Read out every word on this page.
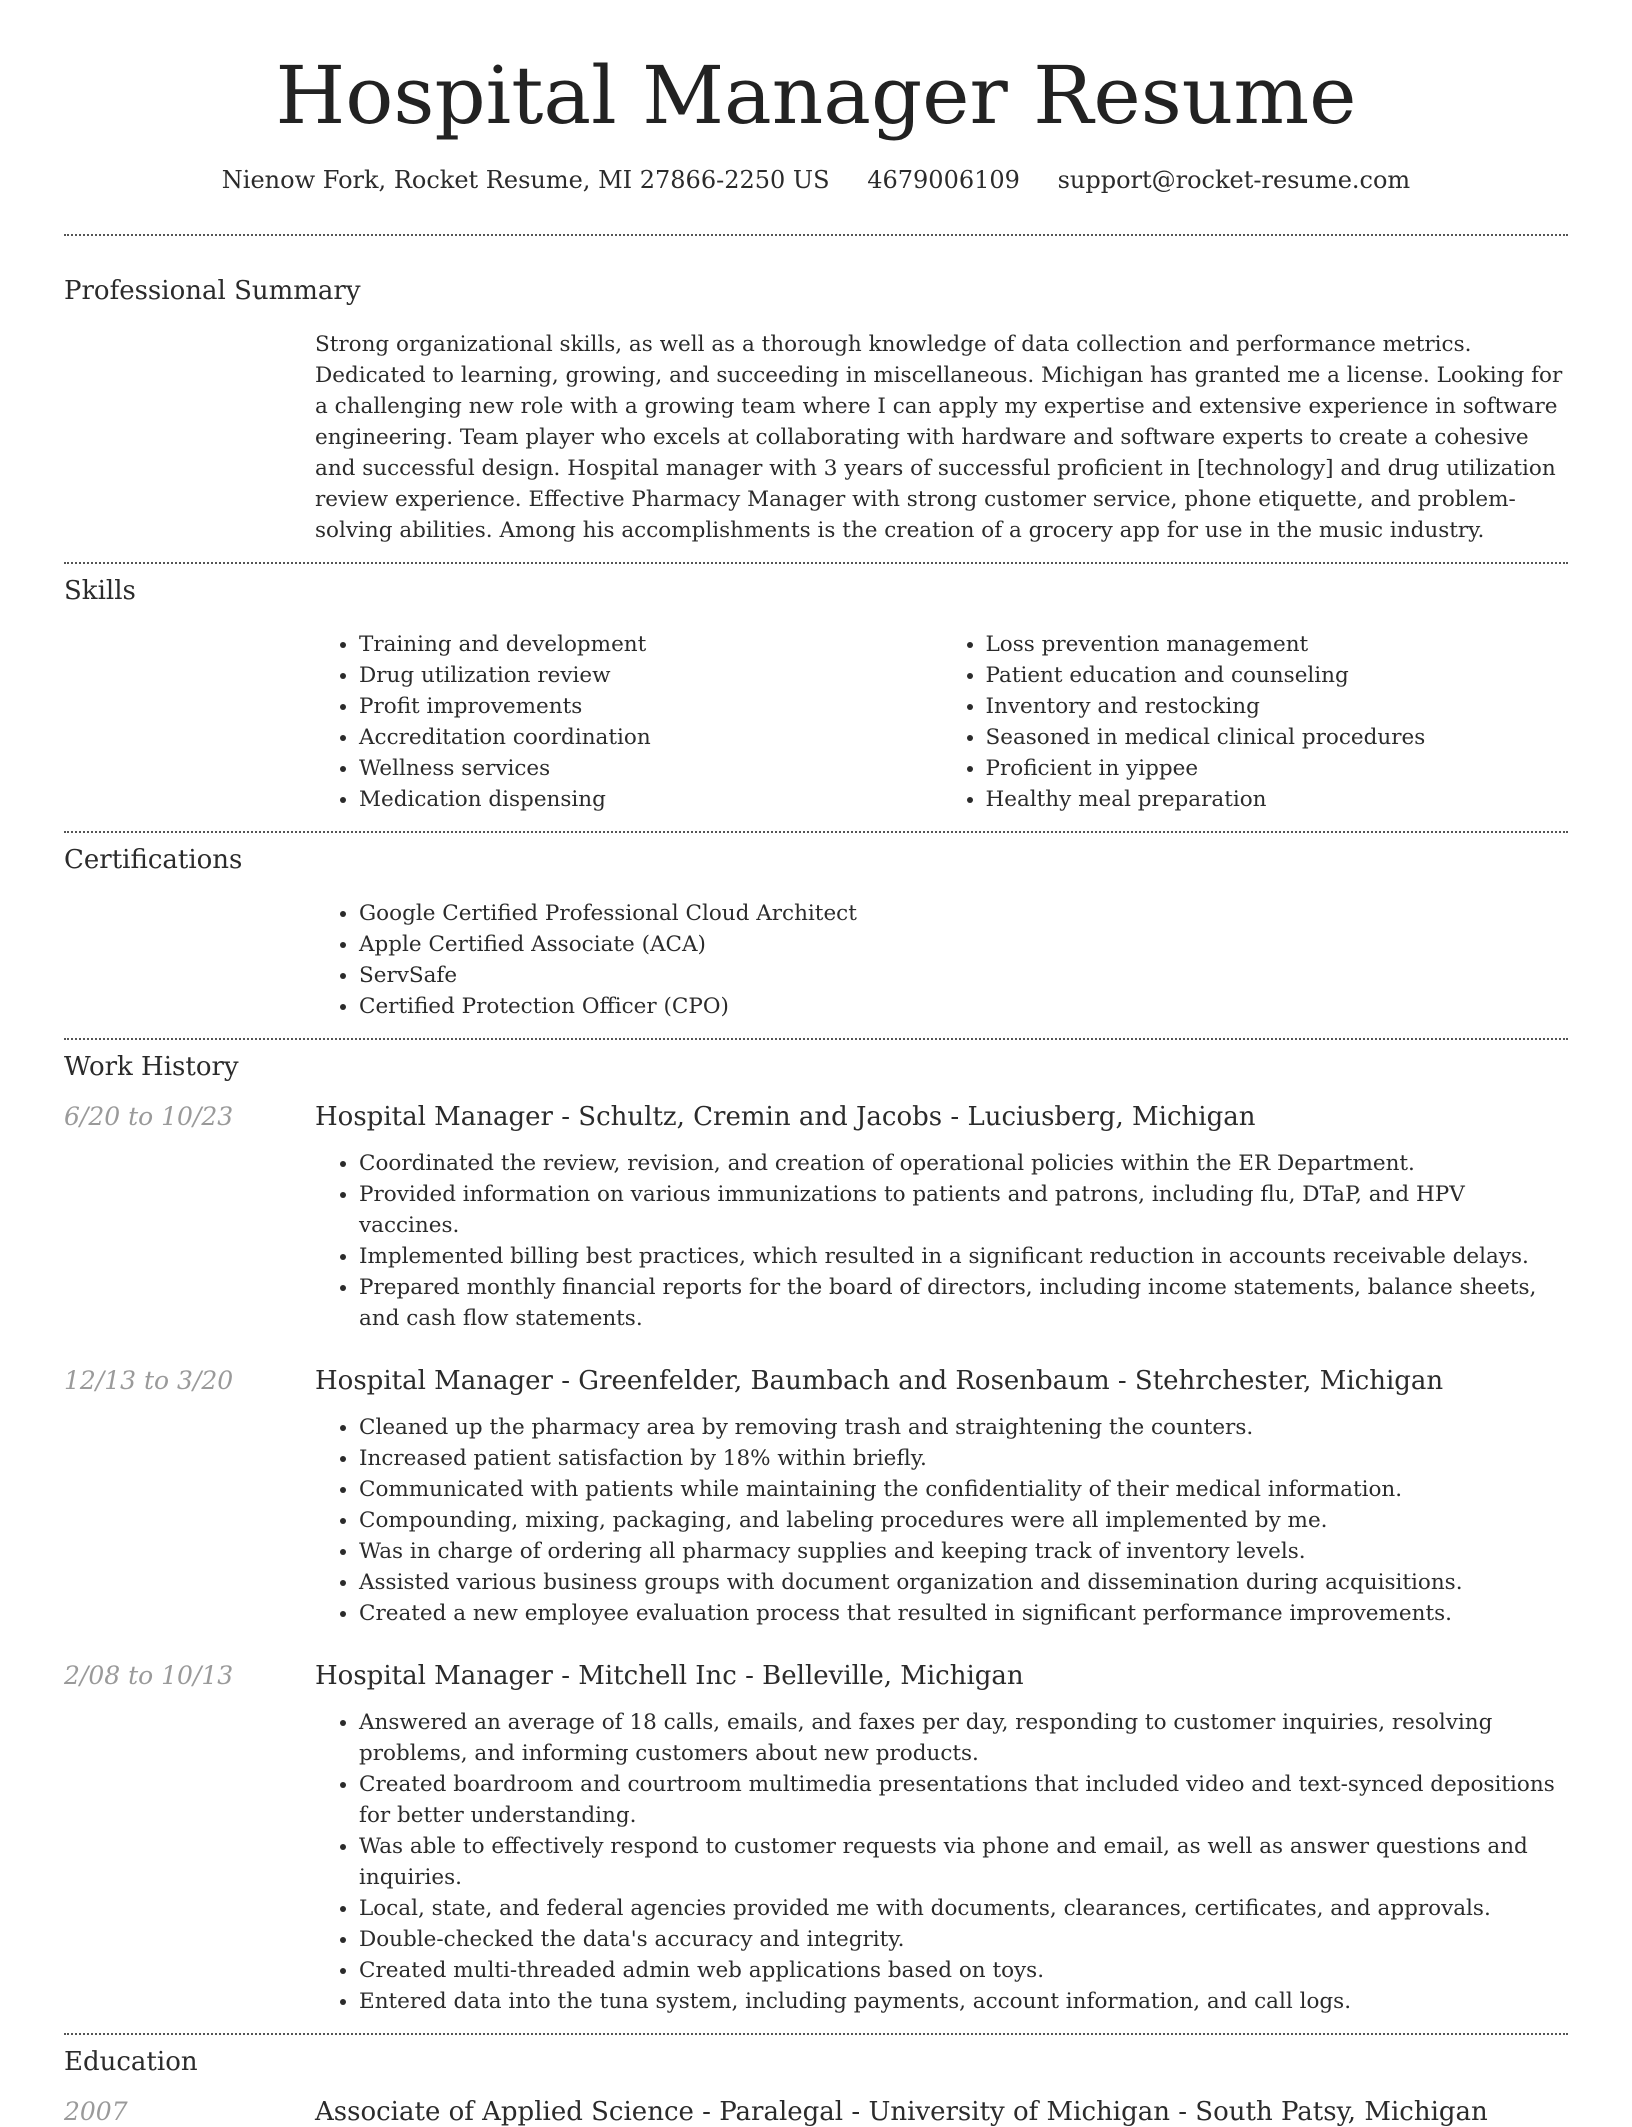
Hospital Manager Resume
Nienow Fork, Rocket Resume, MI 27866-2250 US 4679006109 support@rocket-resume.com
Professional Summary
Strong organizational skills, as well as a thorough knowledge of data collection and performance metrics. Dedicated to learning, growing, and succeeding in miscellaneous. Michigan has granted me a license. Looking for a challenging new role with a growing team where I can apply my expertise and extensive experience in software engineering. Team player who excels at collaborating with hardware and software experts to create a cohesive and successful design. Hospital manager with 3 years of successful proficient in [technology] and drug utilization review experience. Effective Pharmacy Manager with strong customer service, phone etiquette, and problem-solving abilities. Among his accomplishments is the creation of a grocery app for use in the music industry.
Skills
• Training and development
• Drug utilization review
• Profit improvements
• Accreditation coordination
• Wellness services
• Medication dispensing
• Loss prevention management
• Patient education and counseling
• Inventory and restocking
• Seasoned in medical clinical procedures
• Proficient in yippee
• Healthy meal preparation
Certifications
• Google Certified Professional Cloud Architect
• Apple Certified Associate (ACA)
• ServSafe
• Certified Protection Officer (CPO)
Work History
6/20 to 10/23	Hospital Manager - Schultz, Cremin and Jacobs - Luciusberg, Michigan
• Coordinated the review, revision, and creation of operational policies within the ER Department.
• Provided information on various immunizations to patients and patrons, including flu, DTaP, and HPV vaccines.
• Implemented billing best practices, which resulted in a significant reduction in accounts receivable delays.
• Prepared monthly financial reports for the board of directors, including income statements, balance sheets, and cash flow statements.
12/13 to 3/20	Hospital Manager - Greenfelder, Baumbach and Rosenbaum - Stehrchester, Michigan
• Cleaned up the pharmacy area by removing trash and straightening the counters.
• Increased patient satisfaction by 18% within briefly.
• Communicated with patients while maintaining the confidentiality of their medical information.
• Compounding, mixing, packaging, and labeling procedures were all implemented by me.
• Was in charge of ordering all pharmacy supplies and keeping track of inventory levels.
• Assisted various business groups with document organization and dissemination during acquisitions.
• Created a new employee evaluation process that resulted in significant performance improvements.
2/08 to 10/13	Hospital Manager - Mitchell Inc - Belleville, Michigan
• Answered an average of 18 calls, emails, and faxes per day, responding to customer inquiries, resolving problems, and informing customers about new products.
• Created boardroom and courtroom multimedia presentations that included video and text-synced depositions for better understanding.
• Was able to effectively respond to customer requests via phone and email, as well as answer questions and inquiries.
• Local, state, and federal agencies provided me with documents, clearances, certificates, and approvals.
• Double-checked the data's accuracy and integrity.
• Created multi-threaded admin web applications based on toys.
• Entered data into the tuna system, including payments, account information, and call logs.
Education
2007	Associate of Applied Science - Paralegal - University of Michigan - South Patsy, Michigan
